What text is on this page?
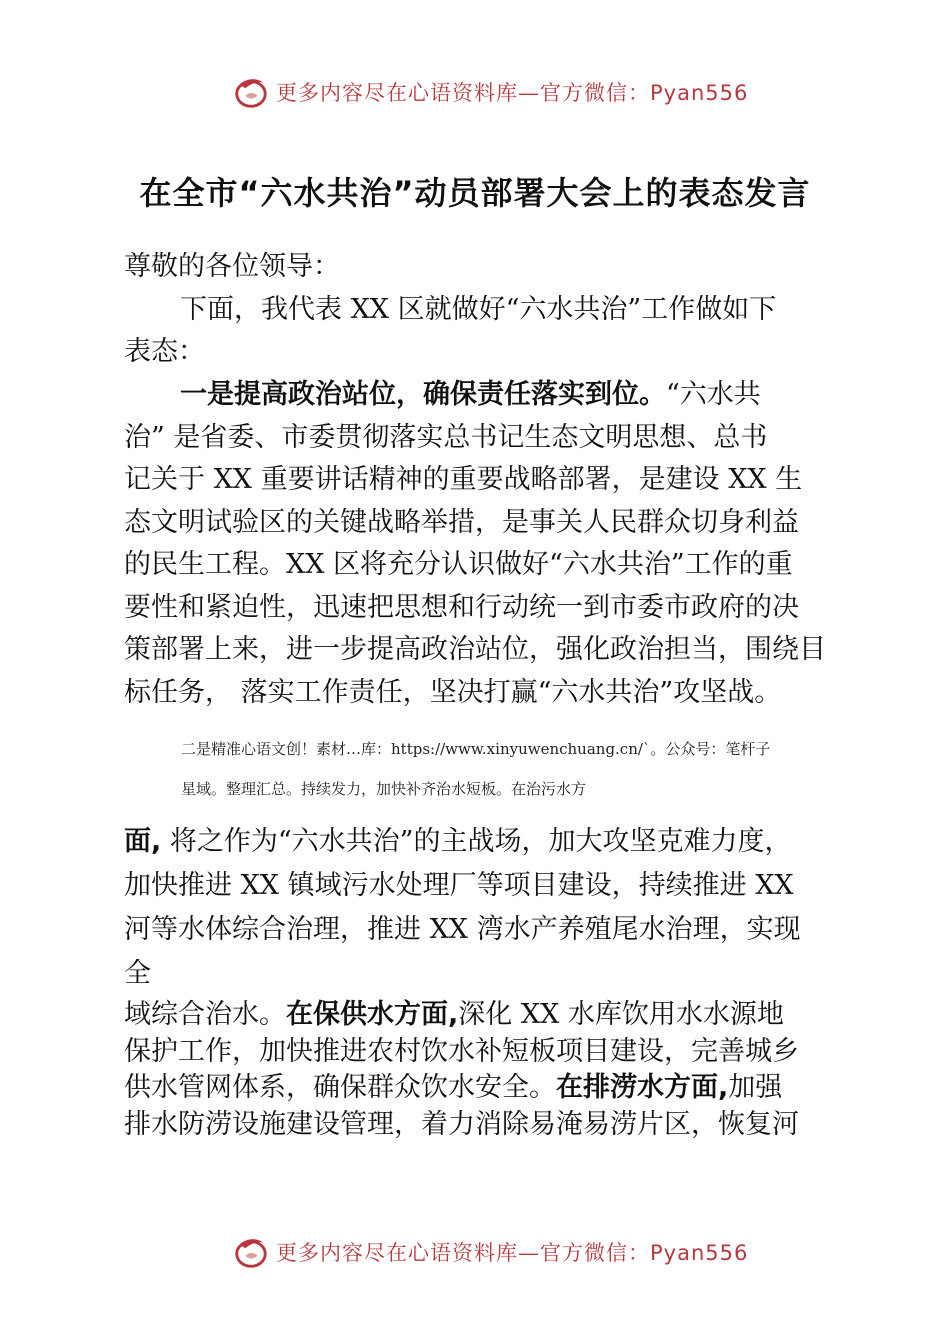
更多内容尽在心语资料库—官方微信：Pyan556
在全市“六水共治”动员部署大会上的表态发言
尊敬的各位领导：
下面，我代表 XX 区就做好“六水共治”工作做如下
表态：
一是提高政治站位，确保责任落实到位。“六水共
治” 是省委、市委贯彻落实总书记生态文明思想、总书
记关于 XX 重要讲话精神的重要战略部署，是建设 XX 生
态文明试验区的关键战略举措，是事关人民群众切身利益
的民生工程。XX 区将充分认识做好“六水共治”工作的重
要性和紧迫性，迅速把思想和行动统一到市委市政府的决
策部署上来，进一步提高政治站位，强化政治担当，围绕目
标任务， 落实工作责任，坚决打赢“六水共治”攻坚战。
二是精准心语文创！素材…库：https://www.xinyuwenchuang.cn/`。公众号：笔杆子
星域。整理汇总。持续发力，加快补齐治水短板。在治污水方
面, 将之作为“六水共治”的主战场，加大攻坚克难力度，
加快推进 XX 镇域污水处理厂等项目建设，持续推进 XX
河等水体综合治理，推进 XX 湾水产养殖尾水治理，实现
全
域综合治水。在保供水方面,深化 XX 水库饮用水水源地
保护工作，加快推进农村饮水补短板项目建设，完善城乡
供水管网体系，确保群众饮水安全。在排涝水方面,加强
排水防涝设施建设管理，着力消除易淹易涝片区，恢复河
更多内容尽在心语资料库—官方微信：Pyan556
